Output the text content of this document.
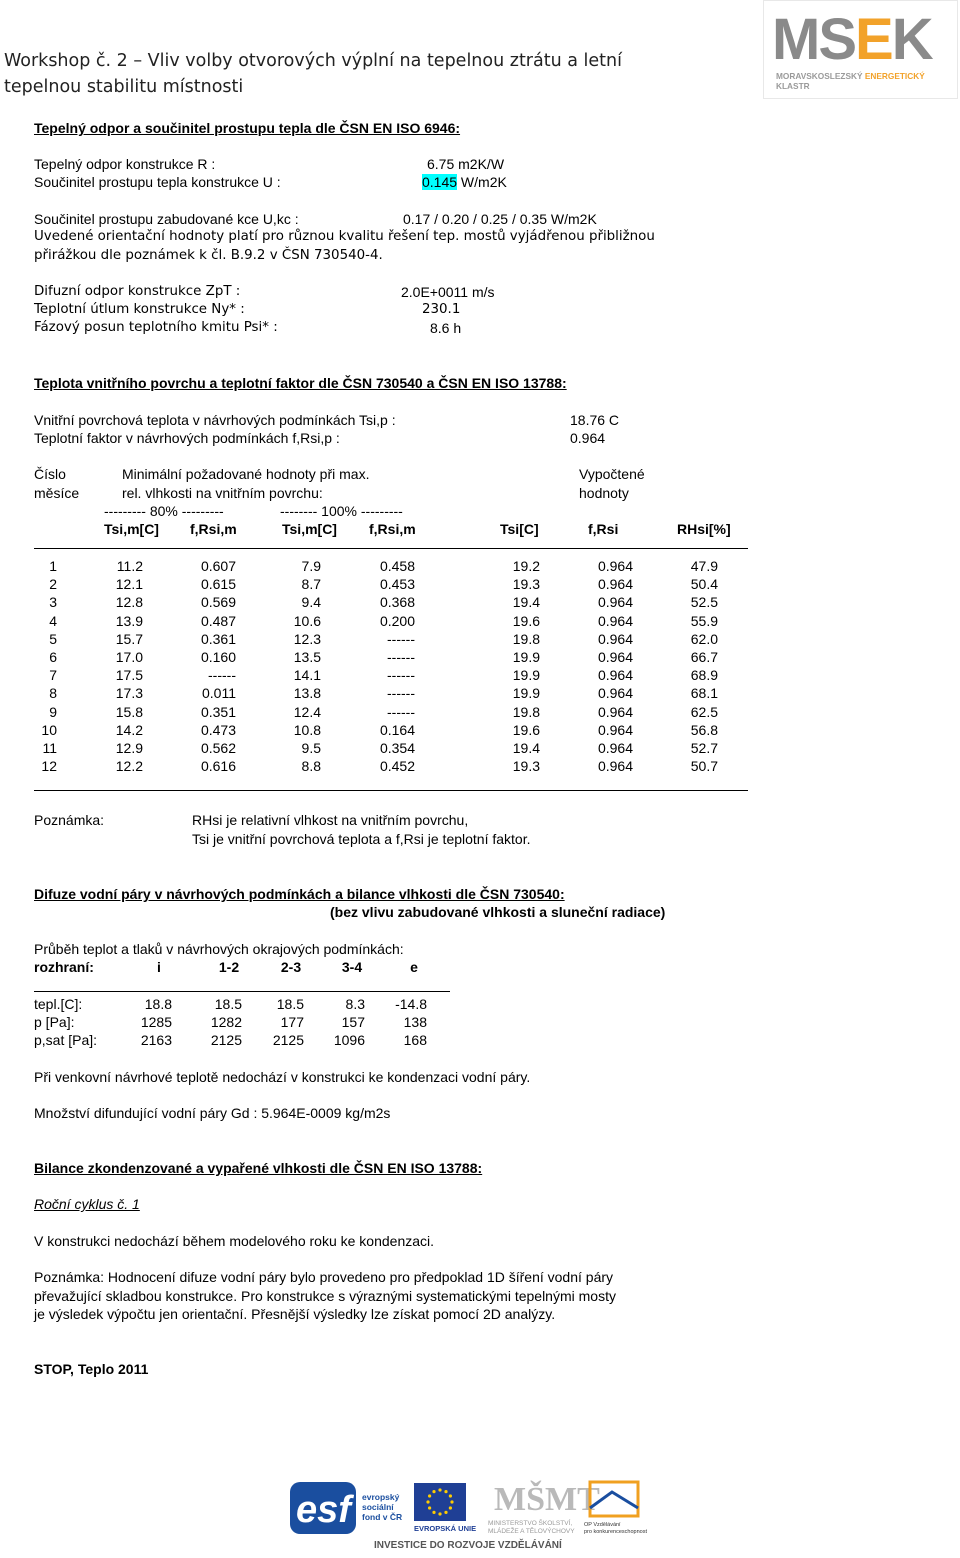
Workshop č. 2 – Vliv volby otvorových výplní na tepelnou ztrátu a letní
tepelnou stabilitu místnosti
MSEK
MORAVSKOSLEZSKÝ ENERGETICKÝ KLASTR
Tepelný odpor a součinitel prostupu tepla dle ČSN EN ISO 6946:
Tepelný odpor konstrukce R :	6.75 m2K/W
Součinitel prostupu tepla konstrukce U :	0.145 W/m2K
Součinitel prostupu zabudované kce U,kc :	0.17 / 0.20 / 0.25 / 0.35 W/m2K
Uvedené orientační hodnoty platí pro různou kvalitu řešení tep. mostů vyjádřenou přibližnou
přirážkou dle poznámek k čl. B.9.2 v ČSN 730540-4.
Difuzní odpor konstrukce ZpT :	2.0E+0011 m/s
Teplotní útlum konstrukce Ny* :	230.1
Fázový posun teplotního kmitu Psi* :	8.6 h
Teplota vnitřního povrchu a teplotní faktor dle ČSN 730540 a ČSN EN ISO 13788:
Vnitřní povrchová teplota v návrhových podmínkách Tsi,p :	18.76 C
Teplotní faktor v návrhových podmínkách f,Rsi,p :	0.964
Číslo
měsíce
Minimální požadované hodnoty při max.
rel. vlhkosti na vnitřním povrchu:
Vypočtené
hodnoty
--------- 80% ---------	-------- 100% ---------
Tsi,m[C] f,Rsi,m	Tsi,m[C] f,Rsi,m	Tsi[C]	f,Rsi	RHsi[%]
1	11.2	0.607	7.9	0.458	19.2	0.964	47.9
2	12.1	0.615	8.7	0.453	19.3	0.964	50.4
3	12.8	0.569	9.4	0.368	19.4	0.964	52.5
4	13.9	0.487	10.6	0.200	19.6	0.964	55.9
5	15.7	0.361	12.3	------	19.8	0.964	62.0
6	17.0	0.160	13.5	------	19.9	0.964	66.7
7	17.5	------	14.1	------	19.9	0.964	68.9
8	17.3	0.011	13.8	------	19.9	0.964	68.1
9	15.8	0.351	12.4	------	19.8	0.964	62.5
10	14.2	0.473	10.8	0.164	19.6	0.964	56.8
11	12.9	0.562	9.5	0.354	19.4	0.964	52.7
12	12.2	0.616	8.8	0.452	19.3	0.964	50.7
Poznámka:	RHsi je relativní vlhkost na vnitřním povrchu,
Tsi je vnitřní povrchová teplota a f,Rsi je teplotní faktor.
Difuze vodní páry v návrhových podmínkách a bilance vlhkosti dle ČSN 730540:
(bez vlivu zabudované vlhkosti a sluneční radiace)
Průběh teplot a tlaků v návrhových okrajových podmínkách:
rozhraní:	i	1-2	2-3	3-4	e
tepl.[C]:	18.8	18.5	18.5	8.3	-14.8
p [Pa]:	1285	1282	177	157	138
p,sat [Pa]:	2163	2125	2125	1096	168
Při venkovní návrhové teplotě nedochází v konstrukci ke kondenzaci vodní páry.
Množství difundující vodní páry Gd : 5.964E-0009 kg/m2s
Bilance zkondenzované a vypařené vlhkosti dle ČSN EN ISO 13788:
Roční cyklus č. 1
V konstrukci nedochází během modelového roku ke kondenzaci.
Poznámka: Hodnocení difuze vodní páry bylo provedeno pro předpoklad 1D šíření vodní páry
převažující skladbou konstrukce. Pro konstrukce s výraznými systematickými tepelnými mosty
je výsledek výpočtu jen orientační. Přesnější výsledky lze získat pomocí 2D analýzy.
STOP, Teplo 2011
esf	evropský
sociální
fond v ČR
EVROPSKÁ UNIE
MŠMT
MINISTERSTVO ŠKOLSTVÍ,
MLÁDEŽE A TĚLOVÝCHOVY
OP Vzdělávání
pro konkurenceschopnost
INVESTICE DO ROZVOJE VZDĚLÁVÁNÍ
